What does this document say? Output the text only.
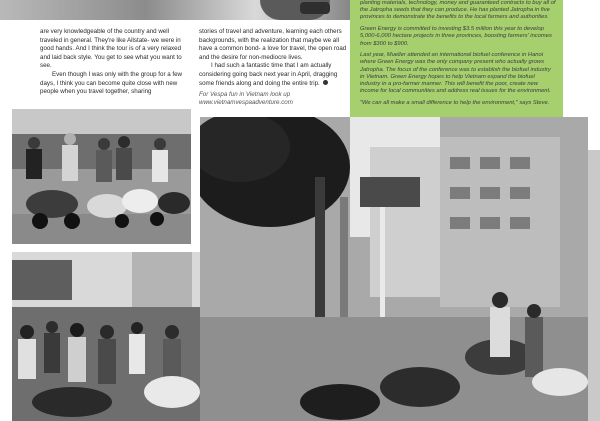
planting materials, technology, money and guaranteed contracts to buy all of the Jatropha seeds that they can produce. He has planted Jatropha in five provinces to demonstrate the benefits to the local farmers and authorities.

Green Energy is committed to investing $3.5 million this year to develop 5,000-6,000 hectare projects in three provinces, boosting farmers' incomes from $300 to $900.

Last year, Mueller attended an international biofuel conference in Hanoi where Green Energy was the only company present who actually grows Jatropha. The focus of the conference was to establish the biofuel industry in Vietnam. Green Energy hopes to help Vietnam expand the biofuel industry in a pro-farmer manner. This will benefit the poor, create new income for local communities and address real issues for the environment.

"We can all make a small difference to help the environment," says Steve.

are very knowledgeable of the country and well traveled in general. They're like Allstate- we were in good hands. And I think the tour is of a very relaxed and laid back style. You get to see what you want to see.

Even though I was only with the group for a few days, I think you can become quite close with new people when you travel together, sharing

stories of travel and adventure, learning each others backgrounds, with the realization that maybe we all have a common bond- a love for travel, the open road and the desire for non-mediocre lives.

I had such a fantastic time that I am actually considering going back next year in April, dragging some friends along and doing the entire trip.

For Vespa fun in Vietnam look up
www.vietnamvespaadventure.com
